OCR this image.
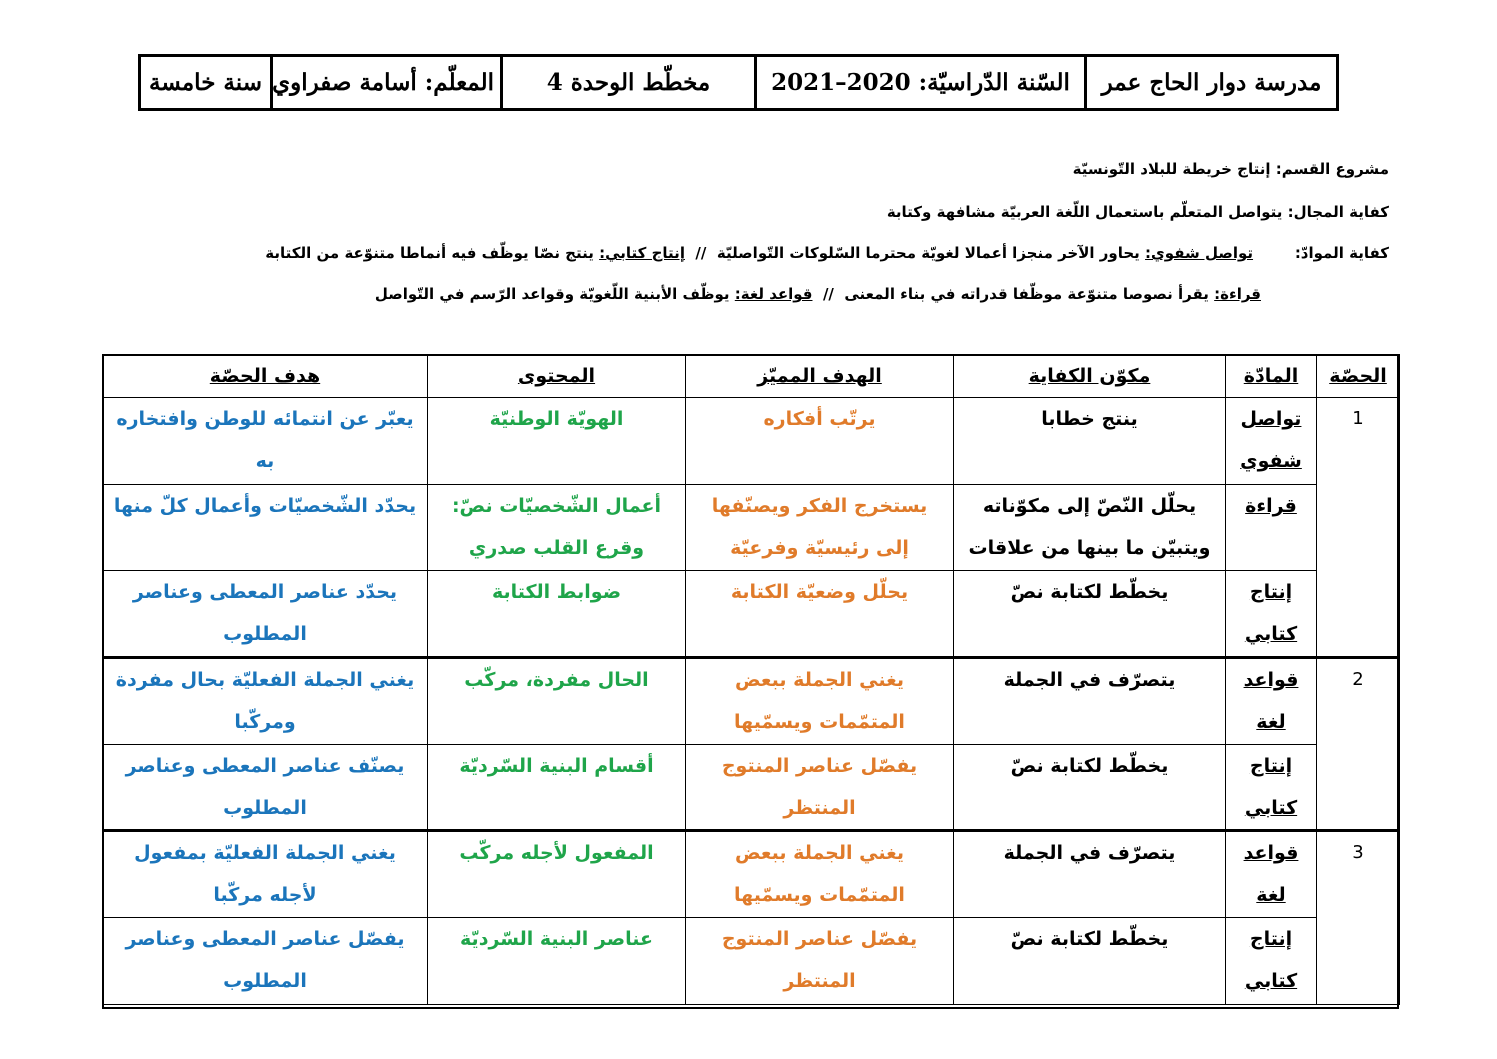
مدرسة دوار الحاج عمر	السّنة الدّراسيّة: 2020–2021	مخطّط الوحدة 4	المعلّم: أسامة صفراوي	سنة خامسة
مشروع القسم: إنتاج خريطة للبلاد التّونسيّة
كفاية المجال: يتواصل المتعلّم باستعمال اللّغة العربيّة مشافهة وكتابة
كفاية الموادّ:        تواصل شفوي: يحاور الآخر منجزا أعمالا لغويّة محترما السّلوكات التّواصليّة  //  إنتاج كتابي: ينتج نصّا يوظّف فيه أنماطا متنوّعة من الكتابة
قراءة: يقرأ نصوصا متنوّعة موظّفا قدراته في بناء المعنى  //  قواعد لغة: يوظّف الأبنية اللّغويّة وقواعد الرّسم في التّواصل
الحصّة	المادّة	مكوّن الكفاية	الهدف المميّز	المحتوى	هدف الحصّة
1	تواصل شفوي	ينتج خطابا	يرتّب أفكاره	الهويّة الوطنيّة	يعبّر عن انتمائه للوطن وافتخاره به
	قراءة	يحلّل النّصّ إلى مكوّناته ويتبيّن ما بينها من علاقات	يستخرج الفكر ويصنّفها إلى رئيسيّة وفرعيّة	أعمال الشّخصيّات نصّ: وقرع القلب صدري	يحدّد الشّخصيّات وأعمال كلّ منها
	إنتاج كتابي	يخطّط لكتابة نصّ	يحلّل وضعيّة الكتابة	ضوابط الكتابة	يحدّد عناصر المعطى وعناصر المطلوب
2	قواعد لغة	يتصرّف في الجملة	يغني الجملة ببعض المتمّمات ويسمّيها	الحال مفردة، مركّب	يغني الجملة الفعليّة بحال مفردة ومركّبا
	إنتاج كتابي	يخطّط لكتابة نصّ	يفصّل عناصر المنتوج المنتظر	أقسام البنية السّرديّة	يصنّف عناصر المعطى وعناصر المطلوب
3	قواعد لغة	يتصرّف في الجملة	يغني الجملة ببعض المتمّمات ويسمّيها	المفعول لأجله مركّب	يغني الجملة الفعليّة بمفعول لأجله مركّبا
	إنتاج كتابي	يخطّط لكتابة نصّ	يفصّل عناصر المنتوج المنتظر	عناصر البنية السّرديّة	يفصّل عناصر المعطى وعناصر المطلوب
